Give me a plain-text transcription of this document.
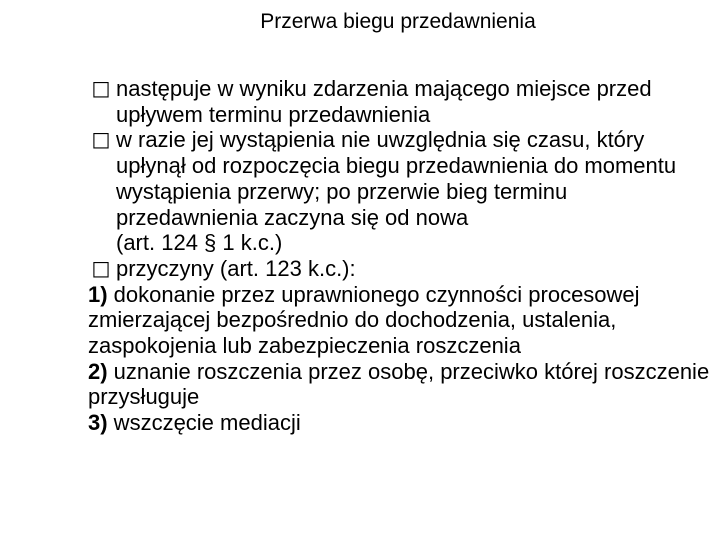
Przerwa biegu przedawnienia
□ następuje w wyniku zdarzenia mającego miejsce przed upływem terminu przedawnienia
□ w razie jej wystąpienia nie uwzględnia się czasu, który upłynął od rozpoczęcia biegu przedawnienia do momentu wystąpienia przerwy; po przerwie bieg terminu przedawnienia zaczyna się od nowa
(art. 124 § 1 k.c.)
□ przyczyny (art. 123 k.c.):
1) dokonanie przez uprawnionego czynności procesowej zmierzającej bezpośrednio do dochodzenia, ustalenia, zaspokojenia lub zabezpieczenia roszczenia
2) uznanie roszczenia przez osobę, przeciwko której roszczenie przysługuje
3) wszczęcie mediacji
